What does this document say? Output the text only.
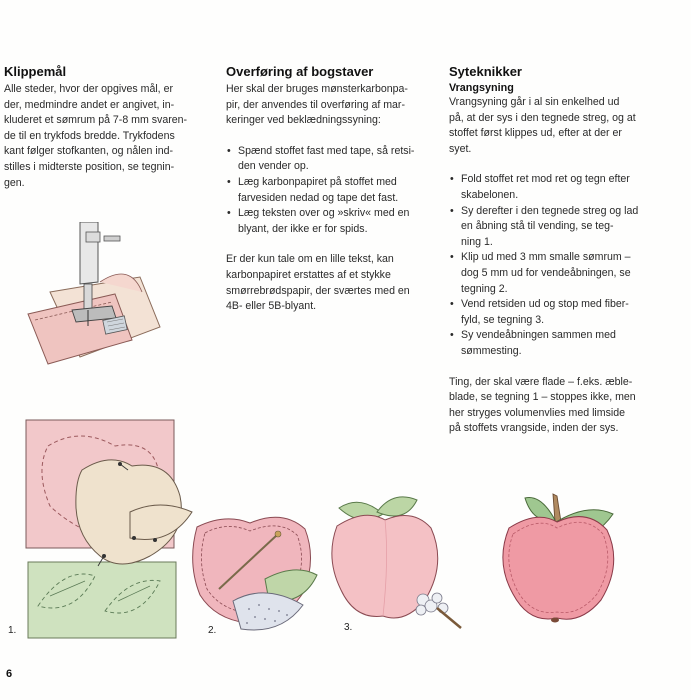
Klippemål

Alle steder, hvor der opgives mål, er

der, medmindre andet er angivet, in-

kluderet et sømrum på 7-8 mm svaren-

de til en trykfods bredde. Trykfodens

kant følger stofkanten, og nålen ind-

stilles i midterste position, se tegnin-

gen.

Overføring af bogstaver

Her skal der bruges mønsterkarbonpa-

pir, der anvendes til overføring af mar-

keringer ved beklædningssyning:

• Spænd stoffet fast med tape, så retsi-
den vender op.
• Læg karbonpapiret på stoffet med
farvesiden nedad og tape det fast.
• Læg teksten over og »skriv« med en
blyant, der ikke er for spids.

Er der kun tale om en lille tekst, kan

karbonpapiret erstattes af et stykke

smørrebrødspapir, der sværtes med en

4B- eller 5B-blyant.

Syteknikker
Vrangsyning

Vrangsyning går i al sin enkelhed ud

på, at der sys i den tegnede streg, og at

stoffet først klippes ud, efter at der er

syet.

• Fold stoffet ret mod ret og tegn efter
skabelonen.
• Sy derefter i den tegnede streg og lad
en åbning stå til vending, se teg-
ning 1.
• Klip ud med 3 mm smalle sømrum –
dog 5 mm ud for vendeåbningen, se
tegning 2.
• Vend retsiden ud og stop med fiber-
fyld, se tegning 3.
• Sy vendeåbningen sammen med
sømmesting.

Ting, der skal være flade – f.eks. æble-

blade, se tegning 1 – stoppes ikke, men

her stryges volumenvlies med limside

på stoffets vrangside, inden der sys.

1.	2.	3.
6
